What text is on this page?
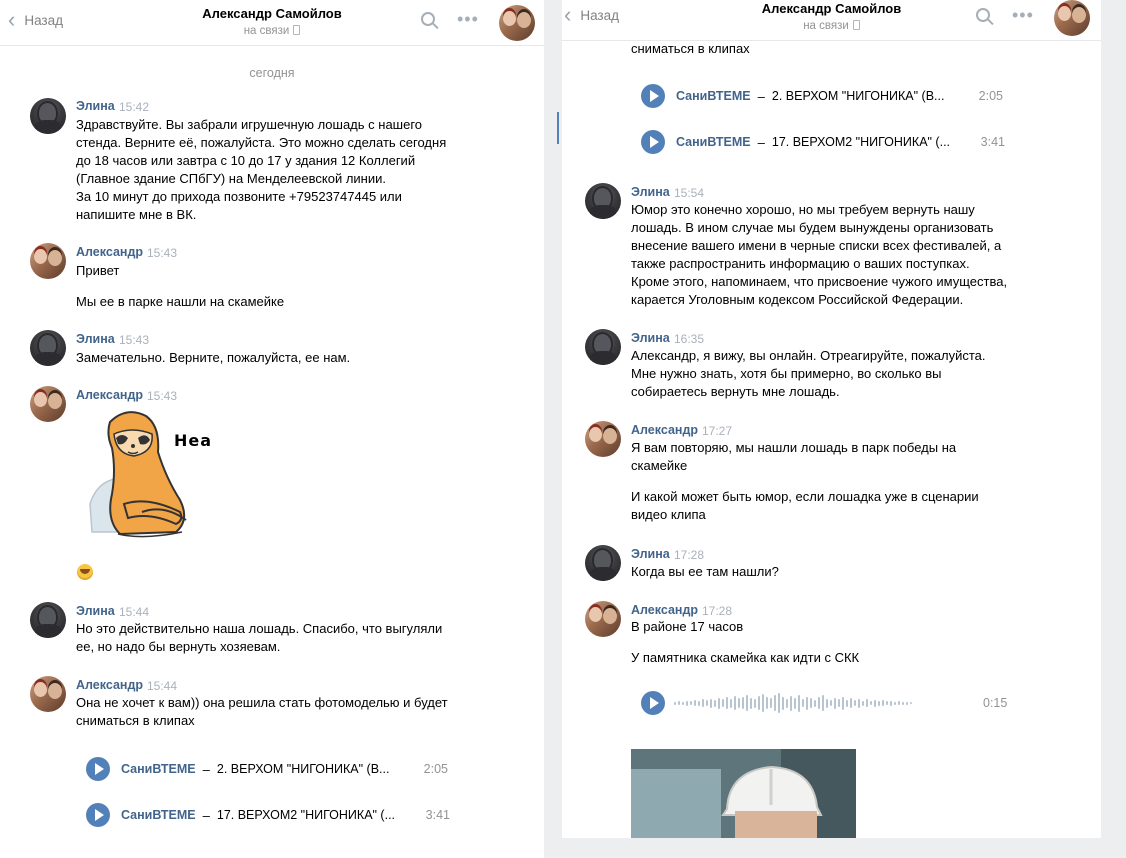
‹ Назад	Александр Самойлов
на связи
•••
сегодня
Элина 15:42
Здравствуйте. Вы забрали игрушечную лошадь с нашего
стенда. Верните её, пожалуйста. Это можно сделать сегодня
до 18 часов или завтра с 10 до 17 у здания 12 Коллегий
(Главное здание СПбГУ) на Менделеевской линии.
За 10 минут до прихода позвоните +79523747445 или
напишите мне в ВК.
Александр 15:43
Привет
Мы ее в парке нашли на скамейке
Элина 15:43
Замечательно. Верните, пожалуйста, ее нам.
Александр 15:43
Hea
Элина 15:44
Но это действительно наша лошадь. Спасибо, что выгуляли
ее, но надо бы вернуть хозяевам.
Александр 15:44
Она не хочет к вам)) она решила стать фотомоделью и будет
сниматься в клипах
СаниВТЕМЕ – 2. ВЕРХОМ "НИГОНИКА" (В...	2:05
СаниВТЕМЕ – 17. ВЕРХОМ2 "НИГОНИКА" (... 3:41
‹ Назад	Александр Самойлов
на связи
•••
сниматься в клипах
СаниВТЕМЕ – 2. ВЕРХОМ "НИГОНИКА" (В...	2:05
СаниВТЕМЕ – 17. ВЕРХОМ2 "НИГОНИКА" (... 3:41
Элина 15:54
Юмор это конечно хорошо, но мы требуем вернуть нашу
лошадь. В ином случае мы будем вынуждены организовать
внесение вашего имени в черные списки всех фестивалей, а
также распространить информацию о ваших поступках.
Кроме этого, напоминаем, что присвоение чужого имущества,
карается Уголовным кодексом Российской Федерации.
Элина 16:35
Александр, я вижу, вы онлайн. Отреагируйте, пожалуйста.
Мне нужно знать, хотя бы примерно, во сколько вы
собираетесь вернуть мне лошадь.
Александр 17:27
Я вам повторяю, мы нашли лошадь в парк победы на
скамейке
И какой может быть юмор, если лошадка уже в сценарии
видео клипа
Элина 17:28
Когда вы ее там нашли?
Александр 17:28
В районе 17 часов
У памятника скамейка как идти с СКК
0:15
